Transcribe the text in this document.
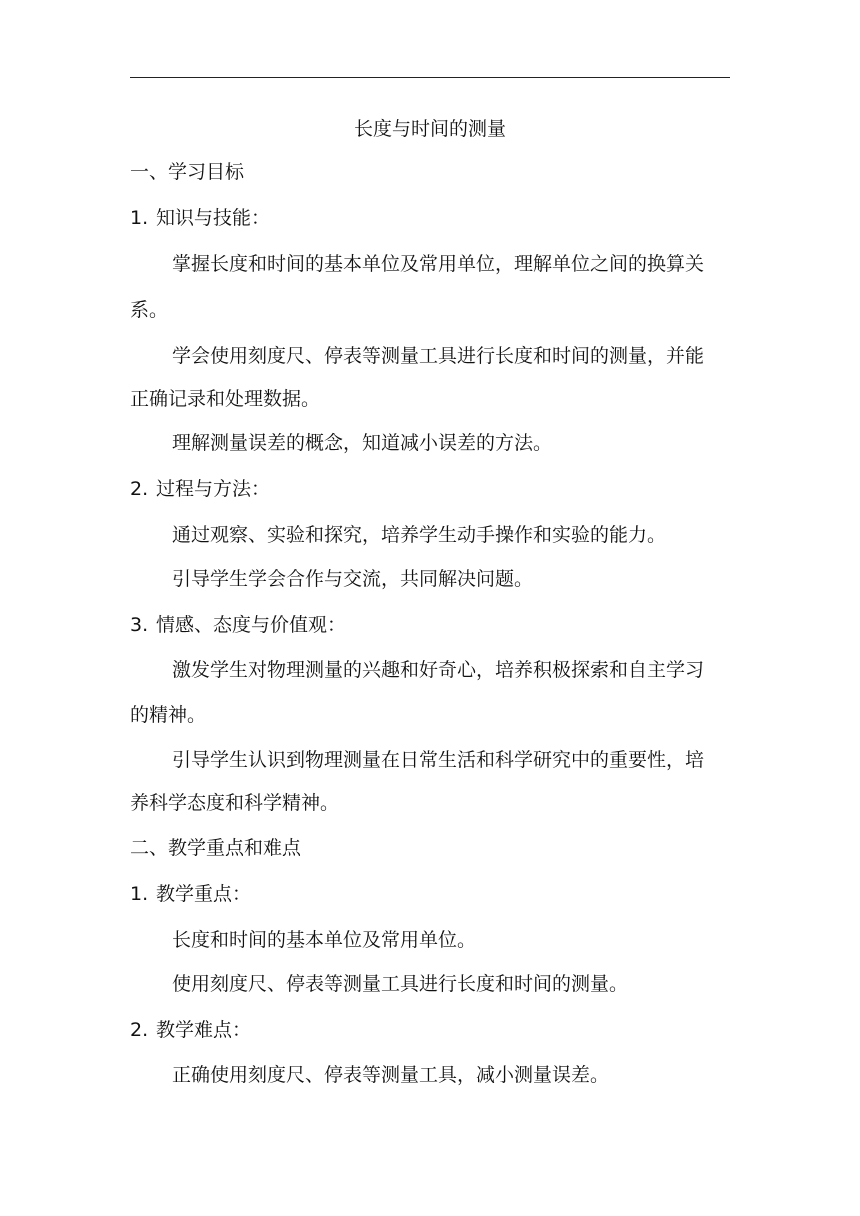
长度与时间的测量
一、学习目标
1. 知识与技能：
掌握长度和时间的基本单位及常用单位，理解单位之间的换算关
系。
学会使用刻度尺、停表等测量工具进行长度和时间的测量，并能
正确记录和处理数据。
理解测量误差的概念，知道减小误差的方法。
2. 过程与方法：
通过观察、实验和探究，培养学生动手操作和实验的能力。
引导学生学会合作与交流，共同解决问题。
3. 情感、态度与价值观：
激发学生对物理测量的兴趣和好奇心，培养积极探索和自主学习
的精神。
引导学生认识到物理测量在日常生活和科学研究中的重要性，培
养科学态度和科学精神。
二、教学重点和难点
1. 教学重点：
长度和时间的基本单位及常用单位。
使用刻度尺、停表等测量工具进行长度和时间的测量。
2. 教学难点：
正确使用刻度尺、停表等测量工具，减小测量误差。
